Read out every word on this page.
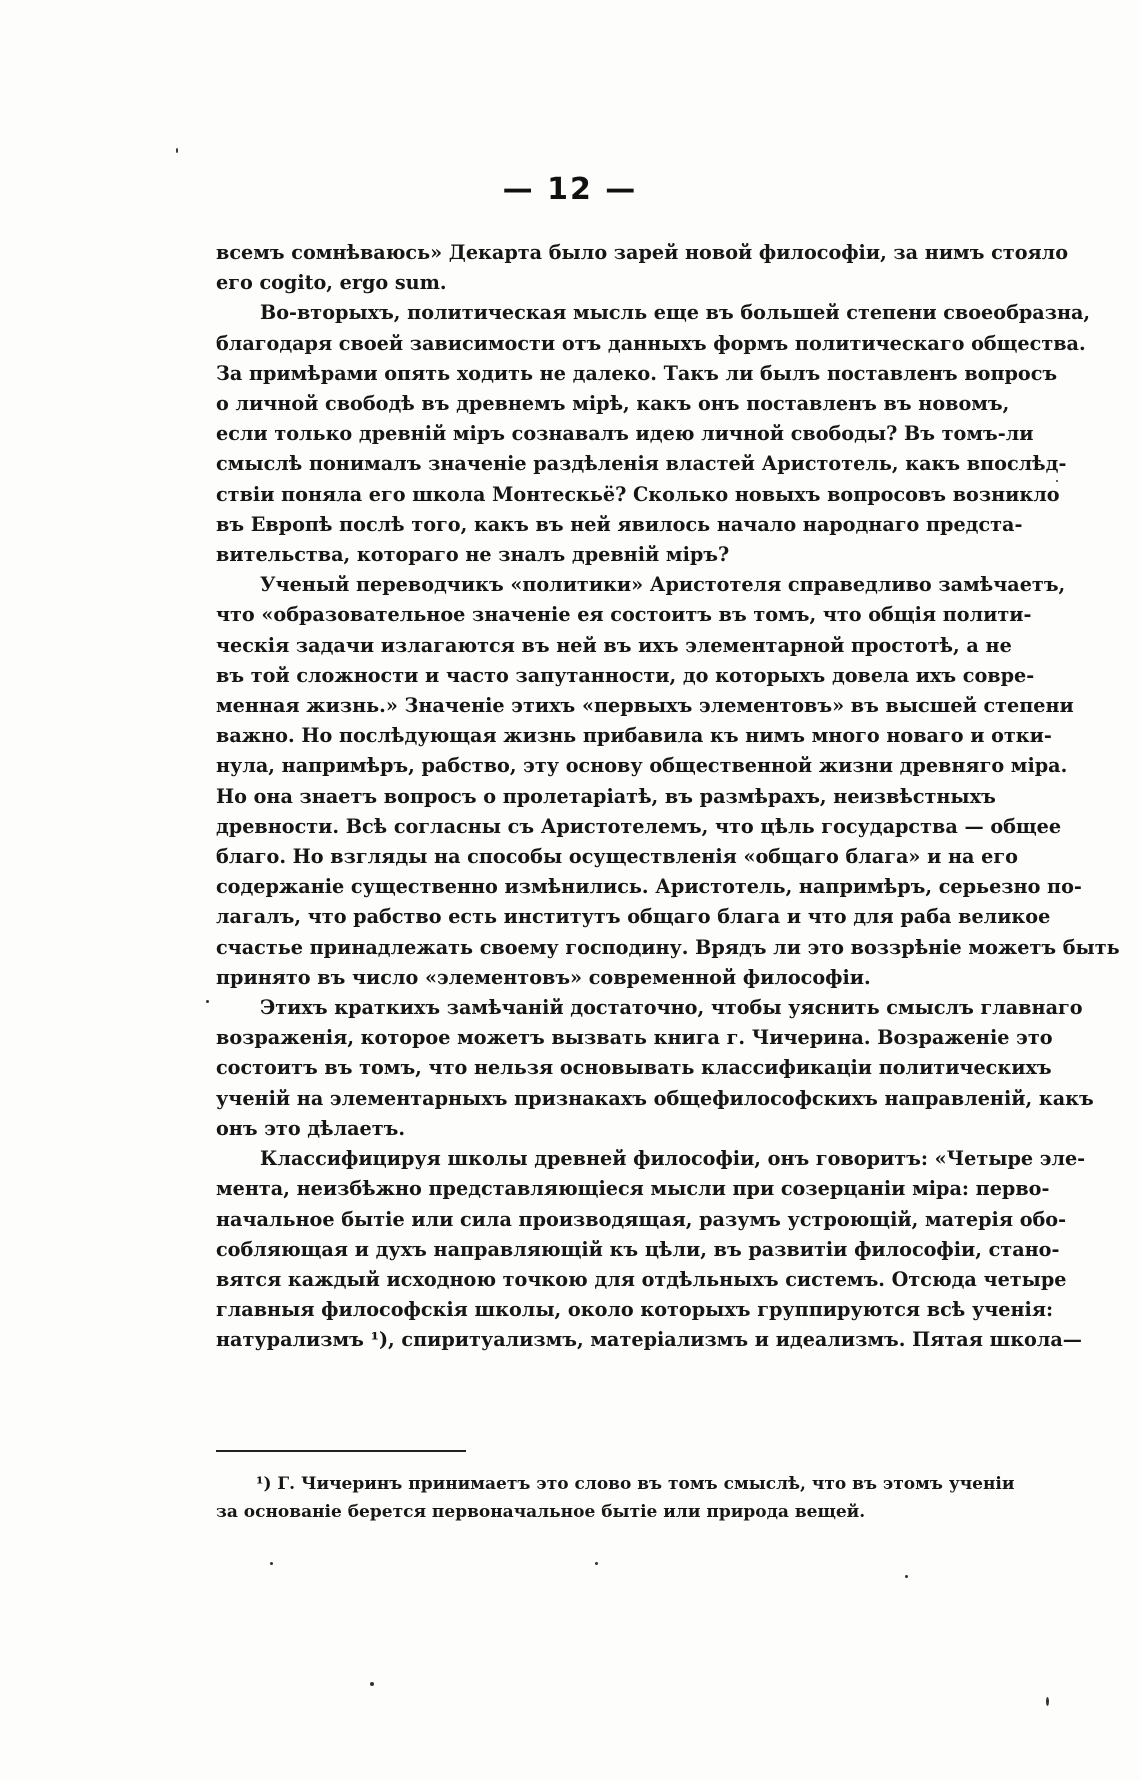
— 12 —
всемъ сомнѣваюсь» Декарта было зарей новой философіи, за нимъ стояло
его cogito, ergo sum.
Во-вторыхъ, политическая мысль еще въ большей степени своеобразна,
благодаря своей зависимости отъ данныхъ формъ политическаго общества.
За примѣрами опять ходить не далеко. Такъ ли былъ поставленъ вопросъ
о личной свободѣ въ древнемъ мірѣ, какъ онъ поставленъ въ новомъ,
если только древній міръ сознавалъ идею личной свободы? Въ томъ-ли
смыслѣ понималъ значеніе раздѣленія властей Аристотель, какъ впослѣд-
ствіи поняла его школа Монтескьё? Сколько новыхъ вопросовъ возникло
въ Европѣ послѣ того, какъ въ ней явилось начало народнаго предста-
вительства, котораго не зналъ древній міръ?
Ученый переводчикъ «политики» Аристотеля справедливо замѣчаетъ,
что «образовательное значеніе ея состоитъ въ томъ, что общія полити-
ческія задачи излагаются въ ней въ ихъ элементарной простотѣ, а не
въ той сложности и часто запутанности, до которыхъ довела ихъ совре-
менная жизнь.» Значеніе этихъ «первыхъ элементовъ» въ высшей степени
важно. Но послѣдующая жизнь прибавила къ нимъ много новаго и отки-
нула, напримѣръ, рабство, эту основу общественной жизни древняго міра.
Но она знаетъ вопросъ о пролетаріатѣ, въ размѣрахъ, неизвѣстныхъ
древности. Всѣ согласны съ Аристотелемъ, что цѣль государства — общее
благо. Но взгляды на способы осуществленія «общаго блага» и на его
содержаніе существенно измѣнились. Аристотель, напримѣръ, серьезно по-
лагалъ, что рабство есть институтъ общаго блага и что для раба великое
счастье принадлежать своему господину. Врядъ ли это воззрѣніе можетъ быть
принято въ число «элементовъ» современной философіи.
Этихъ краткихъ замѣчаній достаточно, чтобы уяснить смыслъ главнаго
возраженія, которое можетъ вызвать книга г. Чичерина. Возраженіе это
состоитъ въ томъ, что нельзя основывать классификаціи политическихъ
ученій на элементарныхъ признакахъ общефилософскихъ направленій, какъ
онъ это дѣлаетъ.
Классифицируя школы древней философіи, онъ говоритъ: «Четыре эле-
мента, неизбѣжно представляющіеся мысли при созерцаніи міра: перво-
начальное бытіе или сила производящая, разумъ устроющій, матерія обо-
собляющая и духъ направляющій къ цѣли, въ развитіи философіи, стано-
вятся каждый исходною точкою для отдѣльныхъ системъ. Отсюда четыре
главныя философскія школы, около которыхъ группируются всѣ ученія:
натурализмъ ¹), спиритуализмъ, матеріализмъ и идеализмъ. Пятая школа—
¹) Г. Чичеринъ принимаетъ это слово въ томъ смыслѣ, что въ этомъ ученіи
за основаніе берется первоначальное бытіе или природа вещей.
